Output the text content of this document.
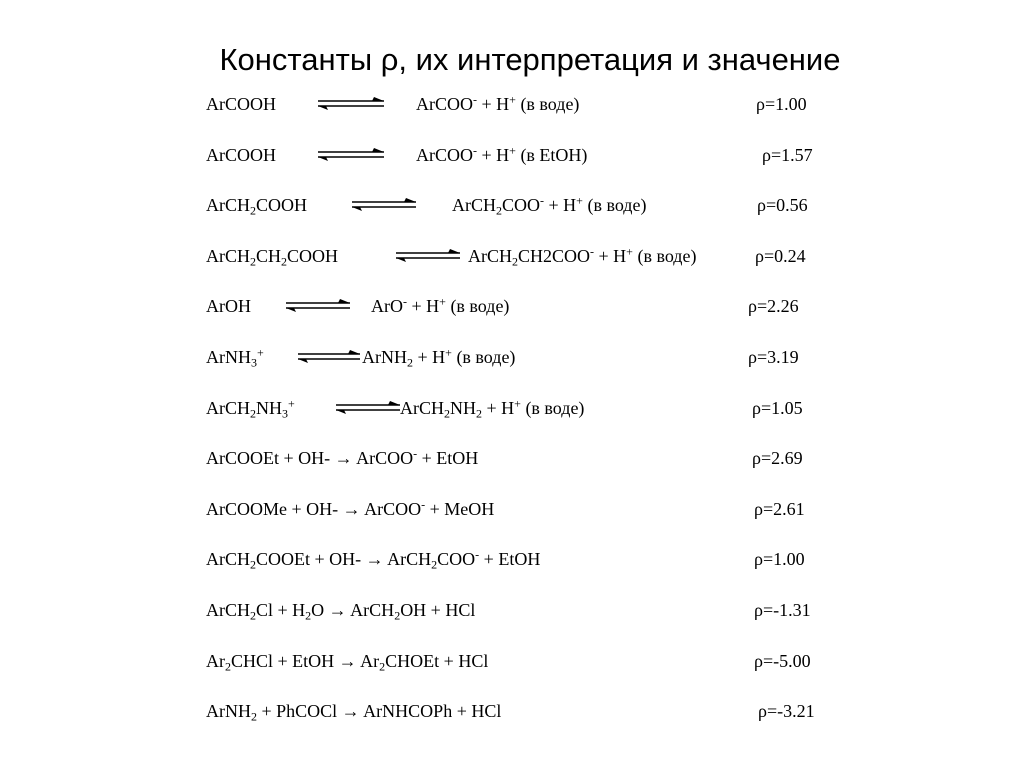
Константы ρ, их интерпретация и значение
ArCOOH	ArCOO- + H+ (в воде)	ρ=1.00
ArCOOH	ArCOO- + H+ (в EtOH)	ρ=1.57
ArCH$_2$COOH	ArCH$_2$COO- + H+ (в воде)	ρ=0.56
$ArCH_2CH_2COOH$	⇌ ArCH$_2$CH2COO- + H+ (в воде)	ρ=0.24
ArOH ⇌ ArO- + H+ (в воде)	ρ=2.26
ArNH$_3$+ ⇌ ArNH$_2$ + H+ (в воде)	ρ=3.19
$ArCH_2NH_3^+$	$ArCH_2NH_2 + H^+$ (в воде)	ρ=1.05
ArCOOEt + OH- → ArCOO- + EtOH	ρ=2.69
ArCOOMe + OH- → ArCOO- + MeOH	ρ=2.61
ArCH$_2$COOEt + OH- → ArCH$_2$COO- + EtOH	ρ=1.00
ArCH$_2$Cl + $H_2O$ → ArCH$_2$OH + HCl	ρ=-1.31
$Ar_2CHCl$ + EtOH → $Ar_2CHOEt$ + HCl	ρ=-5.00
ArNH$_2$ + PhCOCl → ArNHCOPh + HCl	ρ=-3.21
